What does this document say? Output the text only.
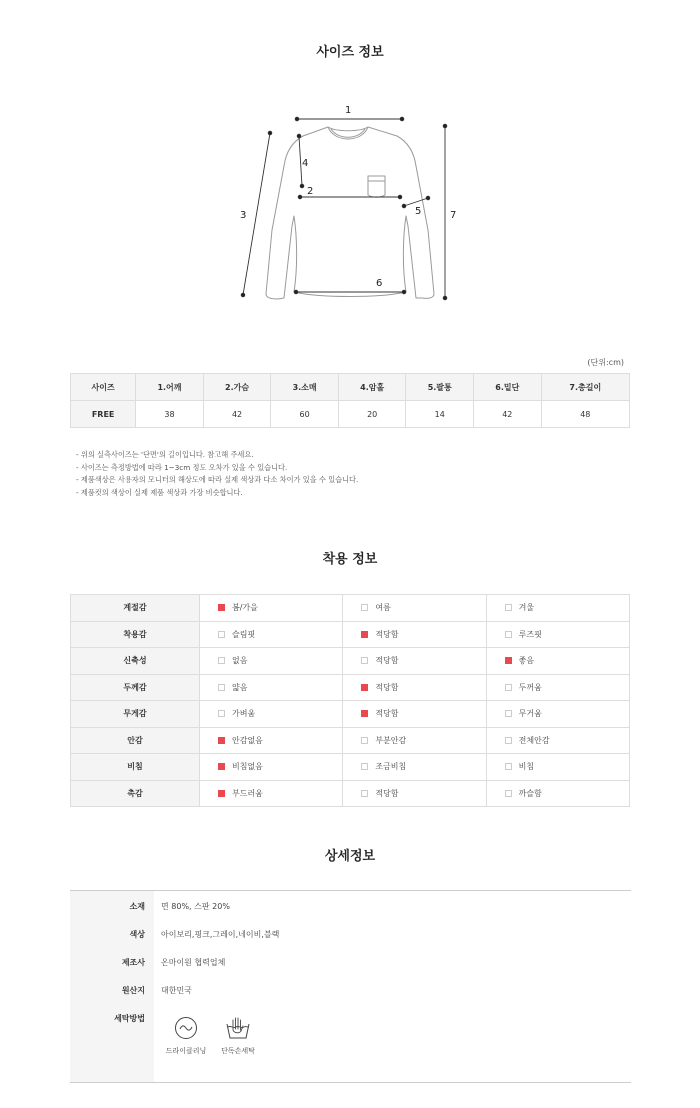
사이즈 정보
1
2
3
4
5
6
7
(단위:cm)
사이즈	1.어깨	2.가슴	3.소매	4.암홀	5.팔통	6.밑단	7.총길이
FREE	38	42	60	20	14	42	48
- 위의 실측사이즈는 '단면'의 길이입니다. 참고해 주세요.
- 사이즈는 측정방법에 따라 1~3cm 정도 오차가 있을 수 있습니다.
- 제품색상은 사용자의 모니터의 해상도에 따라 실제 색상과 다소 차이가 있을 수 있습니다.
- 제품컷의 색상이 실제 제품 색상과 가장 비슷합니다.
착용 정보
계절감	봄/가을	여름	겨울
착용감	슬림핏	적당함	루즈핏
신축성	없음	적당함	좋음
두께감	얇음	적당함	두꺼움
무게감	가벼움	적당함	무거움
안감	안감없음	부분안감	전체안감
비침	비침없음	조금비침	비침
촉감	부드러움	적당함	까슬함
상세정보
소재 면 80%, 스판 20%
색상 아이보리,핑크,그레이,네이비,블랙
제조사 온마이원 협력업체
원산지 대한민국
세탁방법
드라이클리닝	단독손세탁
